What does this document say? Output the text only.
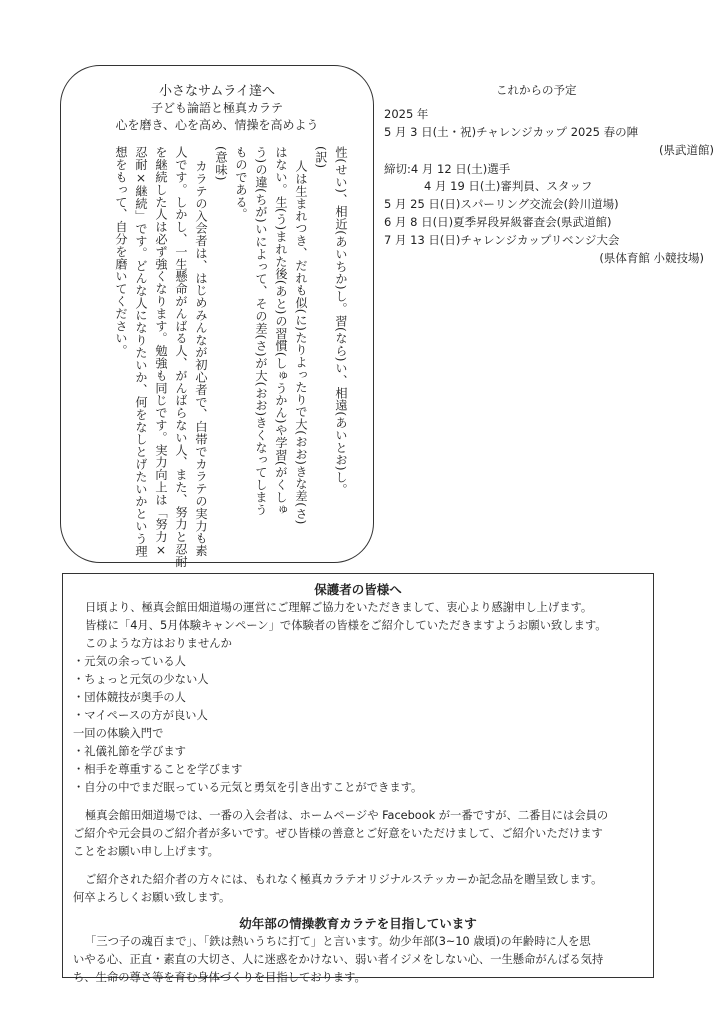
小さなサムライ達へ
子ども論語と極真カラテ
心を磨き、心を高め、情操を高めよう
性(せい)、相近(あいちか)し。習(なら)い、相遠(あいとお)し。
(訳)
人は生まれつき、だれも似(に)たりよったりで大(おお)きな差(さ)
はない。生(う)まれた後(あと)の習慣(しゅうかん)や学習(がくしゅ
う)の違(ちが)いによって、その差(さ)が大(おお)きくなってしまう
ものである。
(意味)
カラテの入会者は、はじめみんなが初心者で、白帯でカラテの実力も素
人です。しかし、一生懸命がんばる人、がんばらない人、また、努力と忍耐
を継続した人は必ず強くなります。勉強も同じです。実力向上は「努力×
忍耐×継続」です。どんな人になりたいか、何をなしとげたいかという理
想をもって、自分を磨いてください。
これからの予定
2025 年
5 月 3 日(土・祝)チャレンジカップ 2025 春の陣
(県武道館)
締切:4 月 12 日(土)選手
4 月 19 日(土)審判員、スタッフ
5 月 25 日(日)スパーリング交流会(鈴川道場)
6 月 8 日(日)夏季昇段昇級審査会(県武道館)
7 月 13 日(日)チャレンジカップリベンジ大会
(県体育館 小競技場)
保護者の皆様へ
日頃より、極真会館田畑道場の運営にご理解ご協力をいただきまして、衷心より感謝申し上げます。
皆様に「4月、5月体験キャンペーン」で体験者の皆様をご紹介していただきますようお願い致します。
このような方はおりませんか
・元気の余っている人
・ちょっと元気の少ない人
・団体競技が奥手の人
・マイペースの方が良い人
一回の体験入門で
・礼儀礼節を学びます
・相手を尊重することを学びます
・自分の中でまだ眠っている元気と勇気を引き出すことができます。
極真会館田畑道場では、一番の入会者は、ホームページや Facebook が一番ですが、二番目には会員の
ご紹介や元会員のご紹介者が多いです。ぜひ皆様の善意とご好意をいただけまして、ご紹介いただけます
ことをお願い申し上げます。
ご紹介された紹介者の方々には、もれなく極真カラテオリジナルステッカーか記念品を贈呈致します。
何卒よろしくお願い致します。
幼年部の情操教育カラテを目指しています
「三つ子の魂百まで」、「鉄は熱いうちに打て」と言います。幼少年部(3~10 歳頃)の年齢時に人を思
いやる心、正直・素直の大切さ、人に迷惑をかけない、弱い者イジメをしない心、一生懸命がんばる気持
ち、生命の尊さ等を育む身体づくりを目指しております。
